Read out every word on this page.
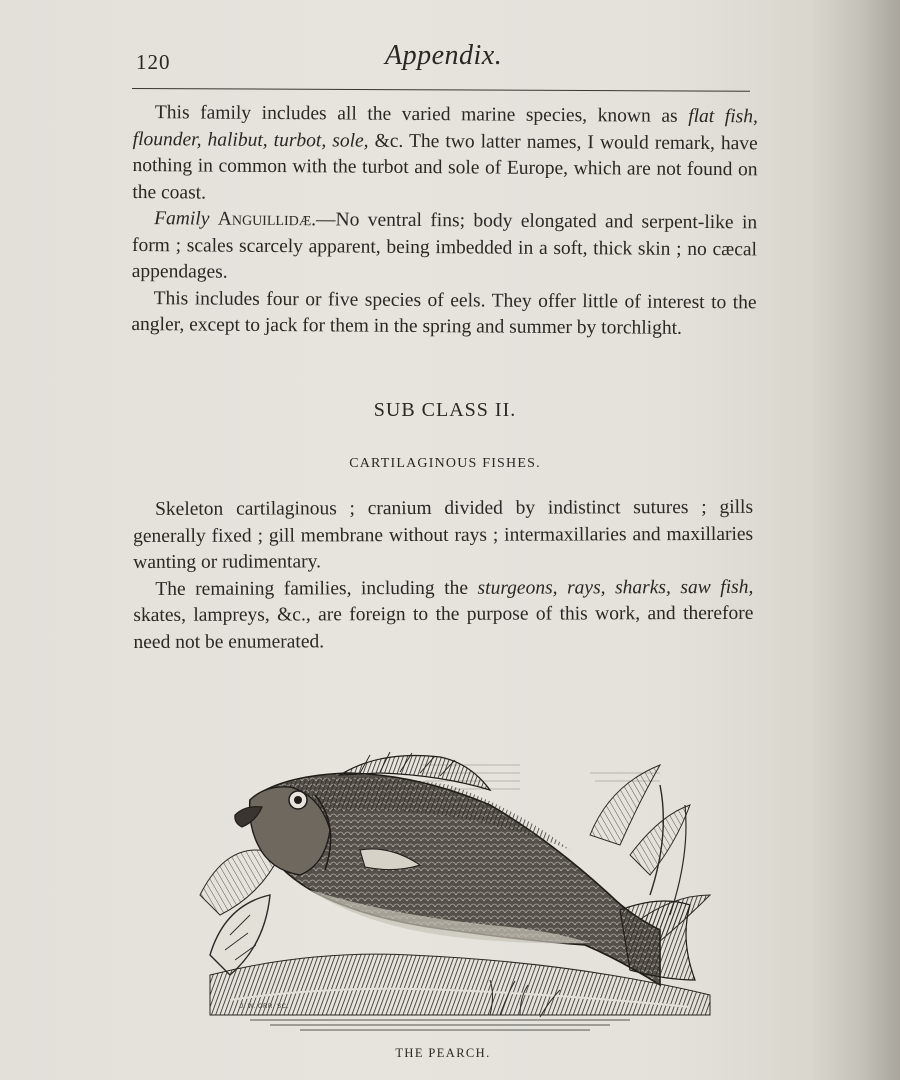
120	Appendix.

This family includes all the varied marine species, known as flat fish, flounder, halibut, turbot, sole, &c. The two latter names, I would remark, have nothing in common with the turbot and sole of Europe, which are not found on the coast.

Family Anguillidæ.—No ventral fins; body elongated and serpent-like in form ; scales scarcely apparent, being imbedded in a soft, thick skin ; no cæcal appendages.

This includes four or five species of eels. They offer little of interest to the angler, except to jack for them in the spring and summer by torchlight.

SUB CLASS II.
CARTILAGINOUS FISHES.

Skeleton cartilaginous ; cranium divided by indistinct sutures ; gills generally fixed ; gill membrane without rays ; intermaxillaries and maxillaries wanting or rudimentary.

The remaining families, including the sturgeons, rays, sharks, saw fish, skates, lampreys, &c., are foreign to the purpose of this work, and therefore need not be enumerated.

J. W. ORR. SC.
THE PEARCH.
